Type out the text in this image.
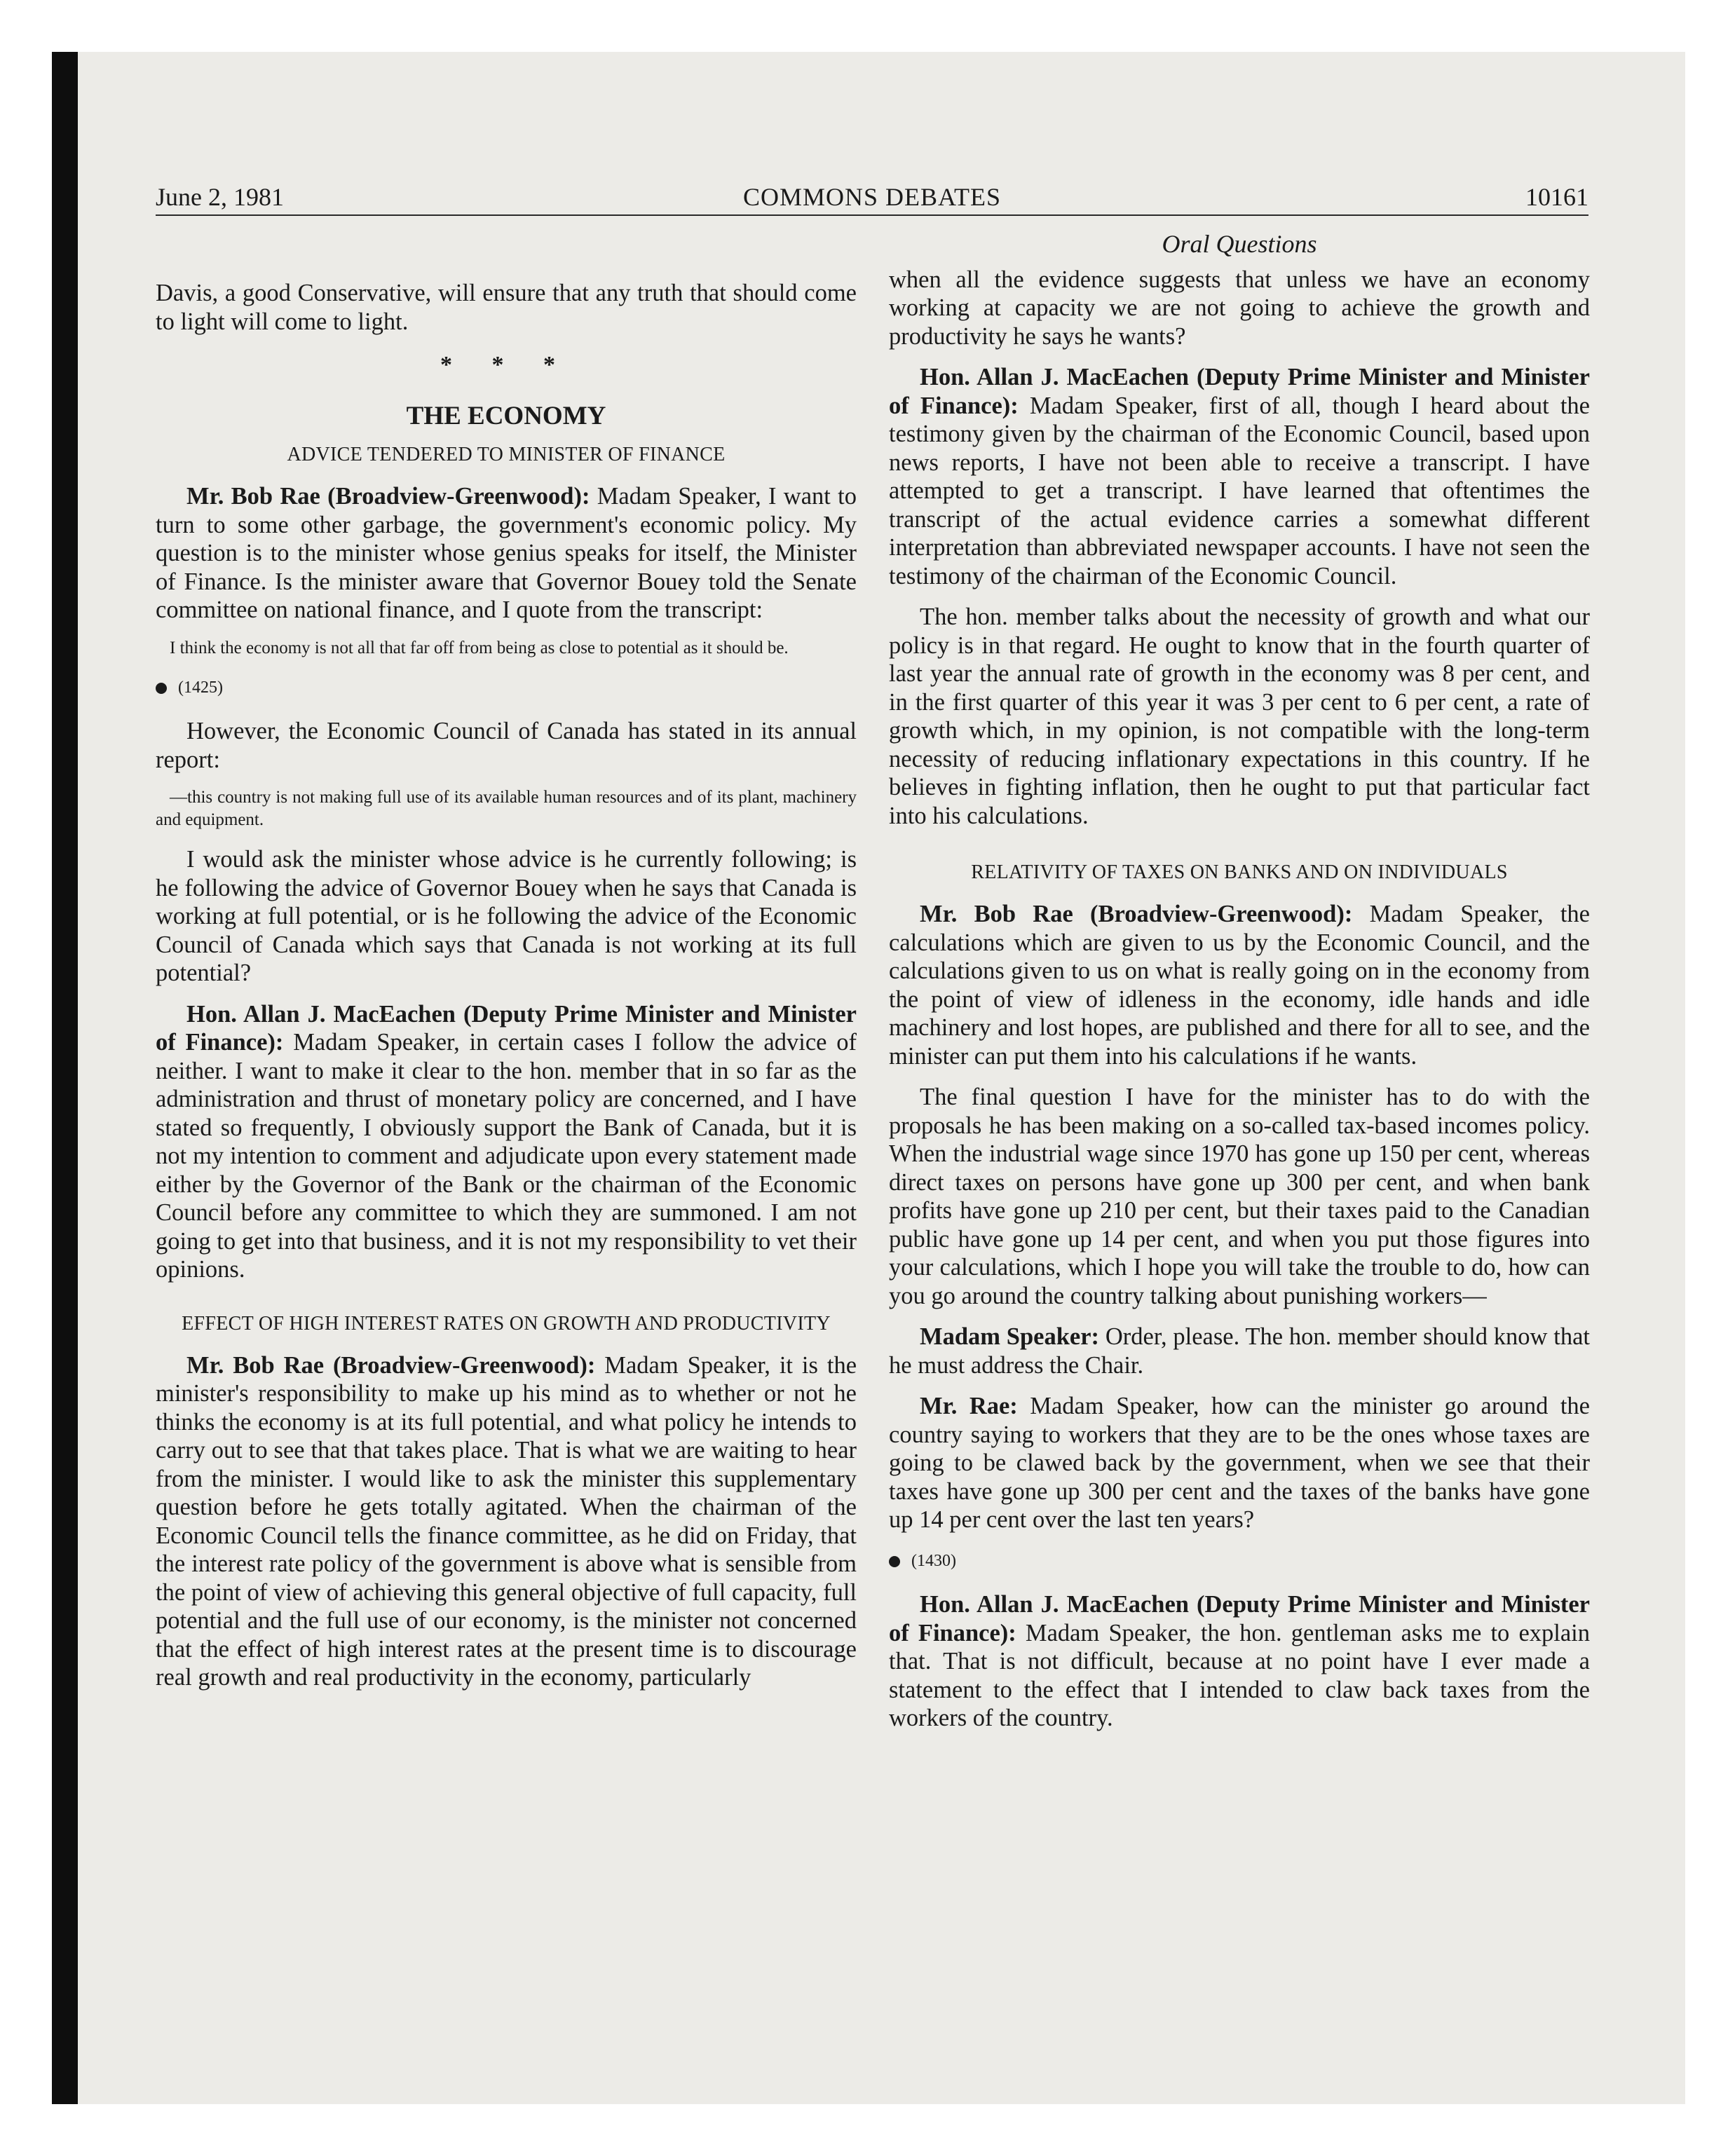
June 2, 1981	COMMONS DEBATES	10161

Davis, a good Conservative, will ensure that any truth that should come to light will come to light.

* * *
THE ECONOMY
ADVICE TENDERED TO MINISTER OF FINANCE

Mr. Bob Rae (Broadview-Greenwood): Madam Speaker, I want to turn to some other garbage, the government's economic policy. My question is to the minister whose genius speaks for itself, the Minister of Finance. Is the minister aware that Governor Bouey told the Senate committee on national finance, and I quote from the transcript:

I think the economy is not all that far off from being as close to potential as it should be.

(1425)

However, the Economic Council of Canada has stated in its annual report:

—this country is not making full use of its available human resources and of its plant, machinery and equipment.

I would ask the minister whose advice is he currently following; is he following the advice of Governor Bouey when he says that Canada is working at full potential, or is he following the advice of the Economic Council of Canada which says that Canada is not working at its full potential?

Hon. Allan J. MacEachen (Deputy Prime Minister and Minister of Finance): Madam Speaker, in certain cases I follow the advice of neither. I want to make it clear to the hon. member that in so far as the administration and thrust of monetary policy are concerned, and I have stated so frequently, I obviously support the Bank of Canada, but it is not my intention to comment and adjudicate upon every statement made either by the Governor of the Bank or the chairman of the Economic Council before any committee to which they are summoned. I am not going to get into that business, and it is not my responsibility to vet their opinions.

EFFECT OF HIGH INTEREST RATES ON GROWTH AND PRODUCTIVITY

Mr. Bob Rae (Broadview-Greenwood): Madam Speaker, it is the minister's responsibility to make up his mind as to whether or not he thinks the economy is at its full potential, and what policy he intends to carry out to see that that takes place. That is what we are waiting to hear from the minister. I would like to ask the minister this supplementary question before he gets totally agitated. When the chairman of the Economic Council tells the finance committee, as he did on Friday, that the interest rate policy of the government is above what is sensible from the point of view of achieving this general objective of full capacity, full potential and the full use of our economy, is the minister not concerned that the effect of high interest rates at the present time is to discourage real growth and real productivity in the economy, particularly

Oral Questions

when all the evidence suggests that unless we have an economy working at capacity we are not going to achieve the growth and productivity he says he wants?

Hon. Allan J. MacEachen (Deputy Prime Minister and Minister of Finance): Madam Speaker, first of all, though I heard about the testimony given by the chairman of the Economic Council, based upon news reports, I have not been able to receive a transcript. I have attempted to get a transcript. I have learned that oftentimes the transcript of the actual evidence carries a somewhat different interpretation than abbreviated newspaper accounts. I have not seen the testimony of the chairman of the Economic Council.

The hon. member talks about the necessity of growth and what our policy is in that regard. He ought to know that in the fourth quarter of last year the annual rate of growth in the economy was 8 per cent, and in the first quarter of this year it was 3 per cent to 6 per cent, a rate of growth which, in my opinion, is not compatible with the long-term necessity of reducing inflationary expectations in this country. If he believes in fighting inflation, then he ought to put that particular fact into his calculations.

RELATIVITY OF TAXES ON BANKS AND ON INDIVIDUALS

Mr. Bob Rae (Broadview-Greenwood): Madam Speaker, the calculations which are given to us by the Economic Council, and the calculations given to us on what is really going on in the economy from the point of view of idleness in the economy, idle hands and idle machinery and lost hopes, are published and there for all to see, and the minister can put them into his calculations if he wants.

The final question I have for the minister has to do with the proposals he has been making on a so-called tax-based incomes policy. When the industrial wage since 1970 has gone up 150 per cent, whereas direct taxes on persons have gone up 300 per cent, and when bank profits have gone up 210 per cent, but their taxes paid to the Canadian public have gone up 14 per cent, and when you put those figures into your calculations, which I hope you will take the trouble to do, how can you go around the country talking about punishing workers—

Madam Speaker: Order, please. The hon. member should know that he must address the Chair.

Mr. Rae: Madam Speaker, how can the minister go around the country saying to workers that they are to be the ones whose taxes are going to be clawed back by the government, when we see that their taxes have gone up 300 per cent and the taxes of the banks have gone up 14 per cent over the last ten years?

(1430)

Hon. Allan J. MacEachen (Deputy Prime Minister and Minister of Finance): Madam Speaker, the hon. gentleman asks me to explain that. That is not difficult, because at no point have I ever made a statement to the effect that I intended to claw back taxes from the workers of the country.
